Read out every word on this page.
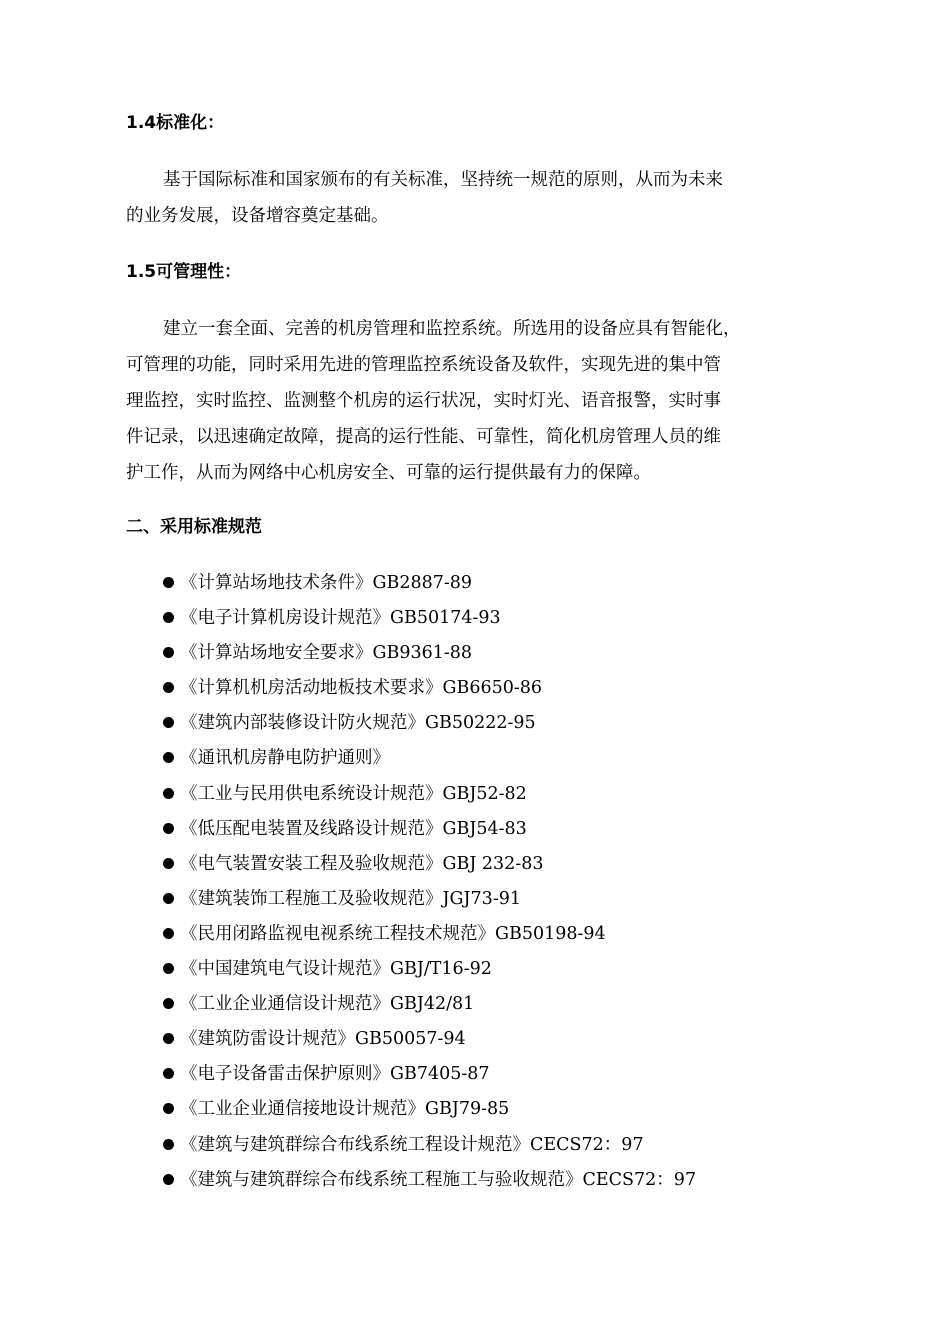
1.4标准化：
基于国际标准和国家颁布的有关标准，坚持统一规范的原则，从而为未来
的业务发展，设备增容奠定基础。
1.5可管理性：
建立一套全面、完善的机房管理和监控系统。所选用的设备应具有智能化，
可管理的功能，同时采用先进的管理监控系统设备及软件，实现先进的集中管
理监控，实时监控、监测整个机房的运行状况，实时灯光、语音报警，实时事
件记录，以迅速确定故障，提高的运行性能、可靠性，简化机房管理人员的维
护工作，从而为网络中心机房安全、可靠的运行提供最有力的保障。
二、采用标准规范
《计算站场地技术条件》GB2887-89
《电子计算机房设计规范》GB50174-93
《计算站场地安全要求》GB9361-88
《计算机机房活动地板技术要求》GB6650-86
《建筑内部装修设计防火规范》GB50222-95
《通讯机房静电防护通则》
《工业与民用供电系统设计规范》GBJ52-82
《低压配电装置及线路设计规范》GBJ54-83
《电气装置安装工程及验收规范》GBJ 232-83
《建筑装饰工程施工及验收规范》JGJ73-91
《民用闭路监视电视系统工程技术规范》GB50198-94
《中国建筑电气设计规范》GBJ/T16-92
《工业企业通信设计规范》GBJ42/81
《建筑防雷设计规范》GB50057-94
《电子设备雷击保护原则》GB7405-87
《工业企业通信接地设计规范》GBJ79-85
《建筑与建筑群综合布线系统工程设计规范》CECS72：97
《建筑与建筑群综合布线系统工程施工与验收规范》CECS72：97
